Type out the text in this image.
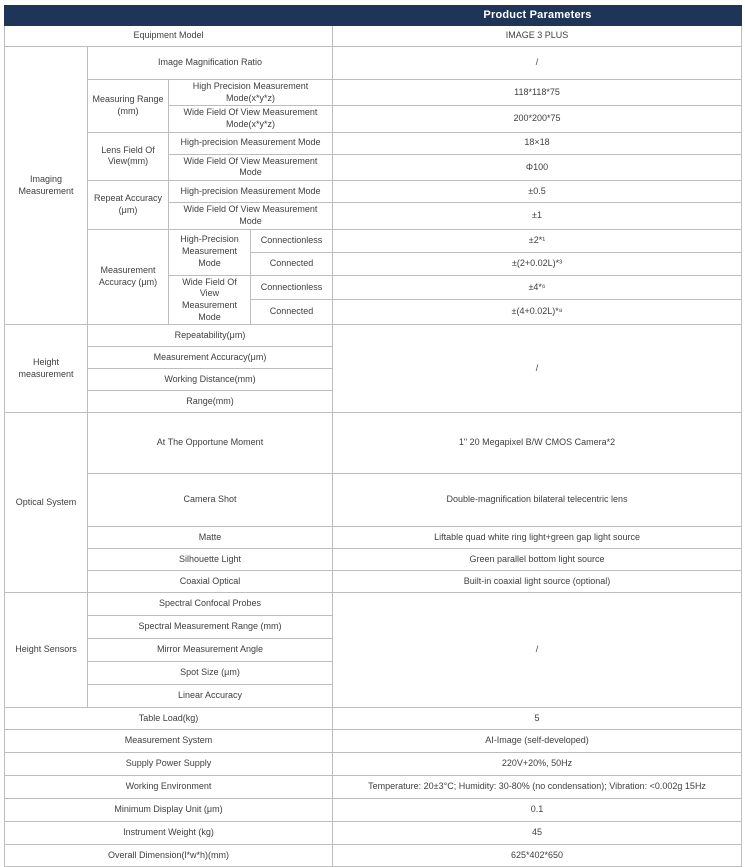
Product Parameters				

Equipment Model				IMAGE 3 PLUS
Imaging Measurement	Image Magnification Ratio			/
	Measuring Range (mm)	High Precision Measurement Mode(x*y*z)		118*118*75
		Wide Field Of View Measurement Mode(x*y*z)		200*200*75
	Lens Field Of View(mm)	High-precision Measurement Mode		18×18
		Wide Field Of View Measurement Mode		Φ100
	Repeat Accuracy (μm)	High-precision Measurement Mode		±0.5
		Wide Field Of View Measurement Mode		±1
	Measurement Accuracy (μm)	High-Precision Measurement Mode	Connectionless	±2*¹
			Connected	±(2+0.02L)*³
		Wide Field Of View Measurement Mode	Connectionless	±4*⁶
			Connected	±(4+0.02L)*⁸
Height measurement	Repeatability(μm)			/
	Measurement Accuracy(μm)			
	Working Distance(mm)			
	Range(mm)			
Optical System	At The Opportune Moment			1" 20 Megapixel B/W CMOS Camera*2
	Camera Shot			Double-magnification bilateral telecentric lens
	Matte			Liftable quad white ring light+green gap light source
	Silhouette Light			Green parallel bottom light source
	Coaxial Optical			Built-in coaxial light source (optional)
Height Sensors	Spectral Confocal Probes			/
	Spectral Measurement Range (mm)			
	Mirror Measurement Angle			
	Spot Size (μm)			
	Linear Accuracy			
Table Load(kg)				5
Measurement System				AI-Image (self-developed)
Supply Power Supply				220V+20%, 50Hz
Working Environment				Temperature: 20±3°C; Humidity: 30-80% (no condensation); Vibration: <0.002g 15Hz
Minimum Display Unit (μm)				0.1
Instrument Weight (kg)				45
Overall Dimension(l*w*h)(mm)				625*402*650
